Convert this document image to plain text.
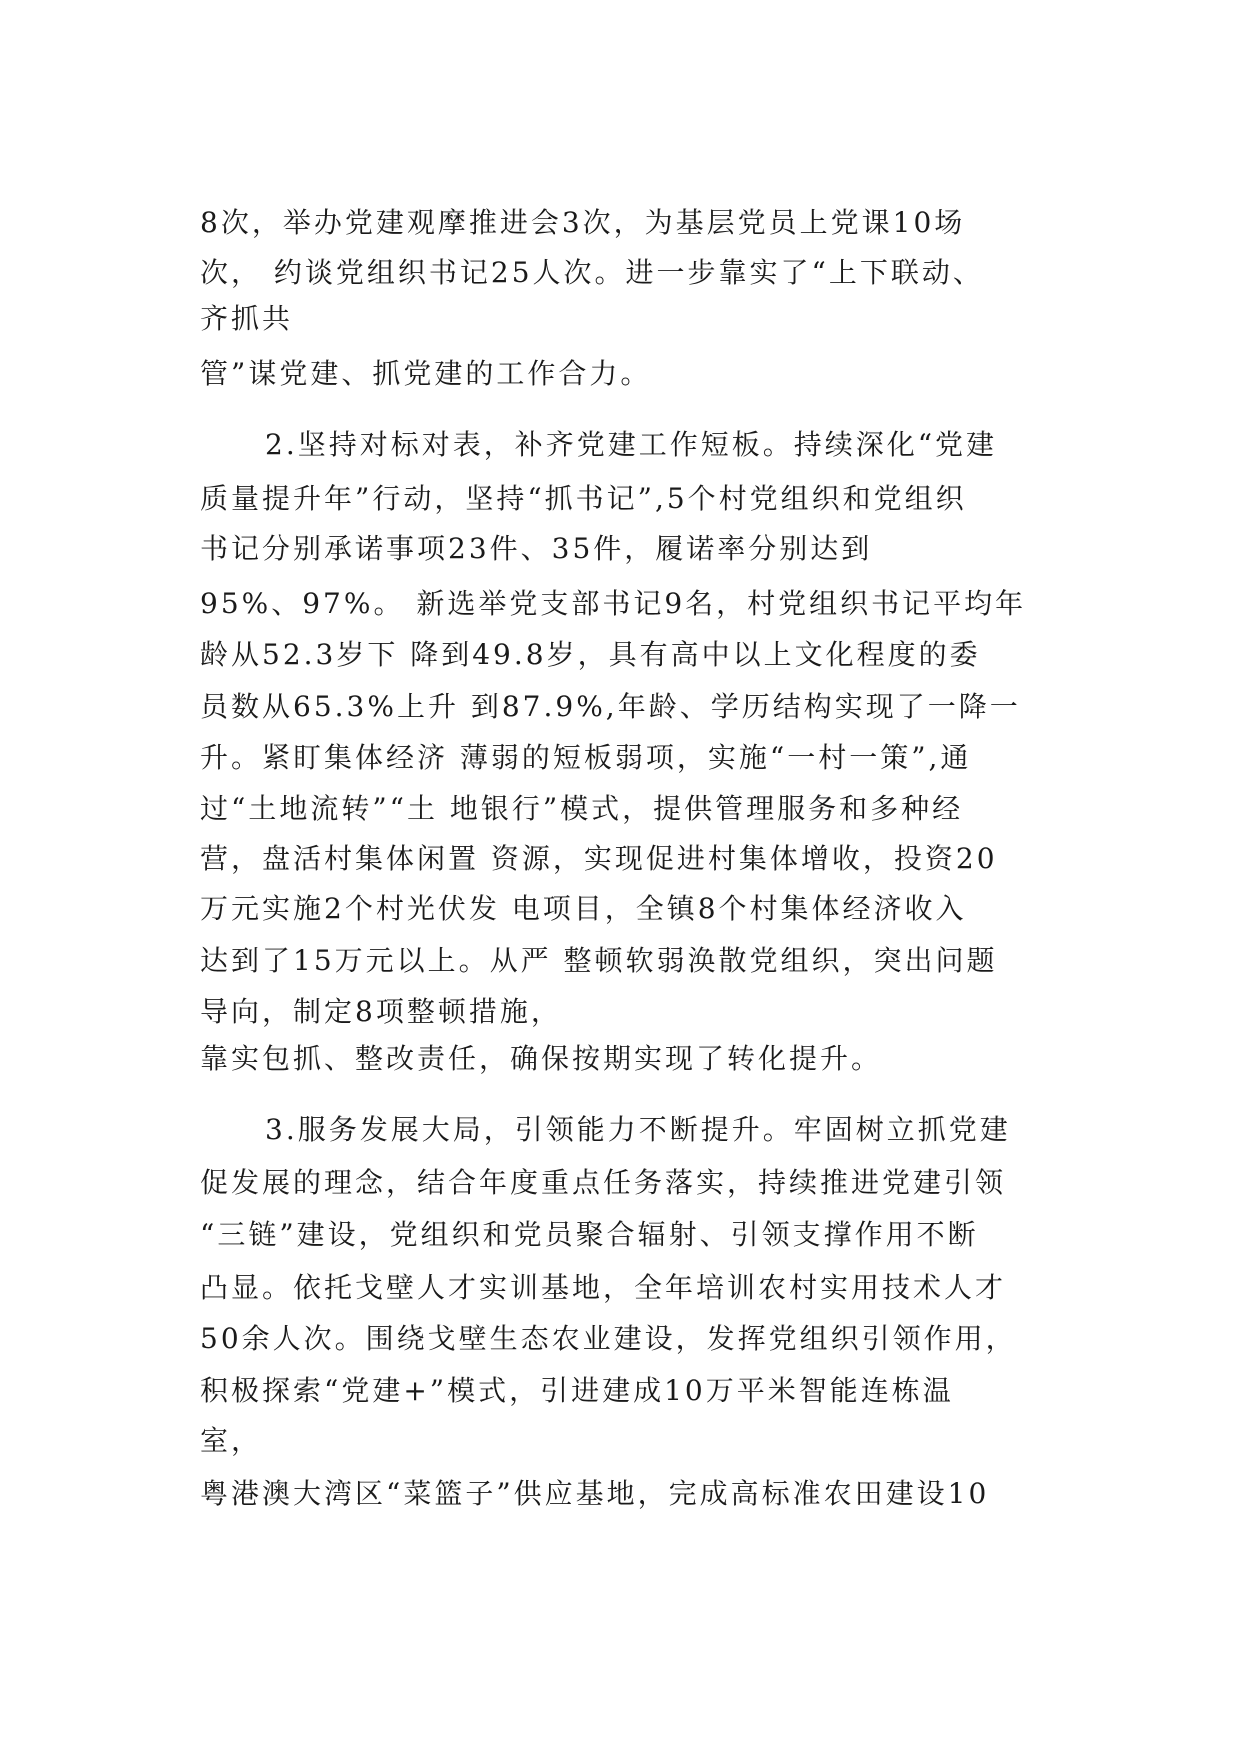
8次，举办党建观摩推进会3次，为基层党员上党课10场
次， 约谈党组织书记25人次。进一步靠实了“上下联动、
齐抓共
管”谋党建、抓党建的工作合力。
2.坚持对标对表，补齐党建工作短板。持续深化“党建
质量提升年”行动，坚持“抓书记”,5个村党组织和党组织
书记分别承诺事项23件、35件，履诺率分别达到
95%、97%。 新选举党支部书记9名，村党组织书记平均年
龄从52.3岁下 降到49.8岁，具有高中以上文化程度的委
员数从65.3%上升 到87.9%,年龄、学历结构实现了一降一
升。紧盯集体经济 薄弱的短板弱项，实施“一村一策”,通
过“土地流转”“土 地银行”模式，提供管理服务和多种经
营，盘活村集体闲置 资源，实现促进村集体增收，投资20
万元实施2个村光伏发 电项目，全镇8个村集体经济收入
达到了15万元以上。从严 整顿软弱涣散党组织，突出问题
导向，制定8项整顿措施，
靠实包抓、整改责任，确保按期实现了转化提升。
3.服务发展大局，引领能力不断提升。牢固树立抓党建
促发展的理念，结合年度重点任务落实，持续推进党建引领
“三链”建设，党组织和党员聚合辐射、引领支撑作用不断
凸显。依托戈壁人才实训基地，全年培训农村实用技术人才
50余人次。围绕戈壁生态农业建设，发挥党组织引领作用，
积极探索“党建+”模式，引进建成10万平米智能连栋温
室，
粤港澳大湾区“菜篮子”供应基地，完成高标准农田建设10
